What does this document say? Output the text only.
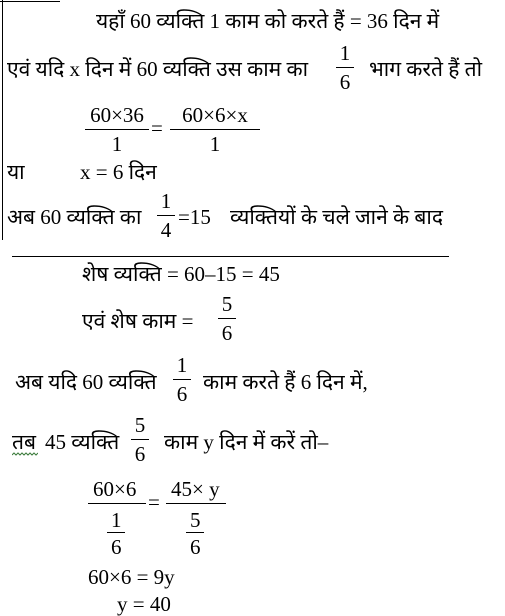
यहाँ 60 व्यक्ति 1 काम को करते हैं = 36 दिन में
एवं यदि x दिन में 60 व्यक्ति उस काम का
1
6
भाग करते हैं तो
60×36
1
=
60×6×x
1
या	x = 6 दिन
अब 60 व्यक्ति का
1
4
=15 व्यक्तियों के चले जाने के बाद
शेष व्यक्ति = 60–15 = 45
एवं शेष काम =
5
6
अब यदि 60 व्यक्ति
1
6 काम करते हैं 6 दिन में,
तब 45 व्यक्ति
5
6 काम y दिन में करें तो–
60×6
1
6
=
45× y
5
6
60×6 = 9y
y = 40
